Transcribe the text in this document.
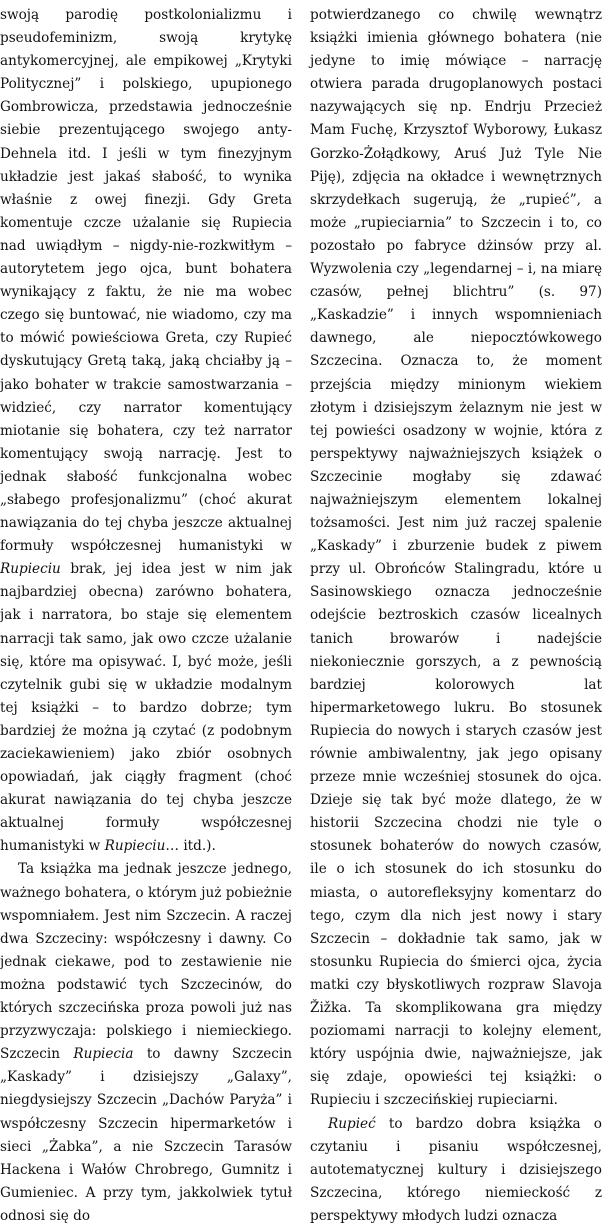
swoją parodię postkolonializmu i pseudofeminizm, swoją krytykę antykomercyjnej, ale empikowej „Krytyki Politycznej” i polskiego, upupionego Gombrowicza, przedstawia jednocześnie siebie prezentującego swojego anty-Dehnela itd. I jeśli w tym finezyjnym układzie jest jakaś słabość, to wynika właśnie z owej finezji. Gdy Greta komentuje czcze użalanie się Rupiecia nad uwiądłym – nigdy-nie-rozkwitłym – autorytetem jego ojca, bunt bohatera wynikający z faktu, że nie ma wobec czego się buntować, nie wiadomo, czy ma to mówić powieściowa Greta, czy Rupieć dyskutujący Gretą taką, jaką chciałby ją – jako bohater w trakcie samostwarzania – widzieć, czy narrator komentujący miotanie się bohatera, czy też narrator komentujący swoją narrację. Jest to jednak słabość funkcjonalna wobec „słabego profesjonalizmu” (choć akurat nawiązania do tej chyba jeszcze aktualnej formuły współczesnej humanistyki w Rupieciu brak, jej idea jest w nim jak najbardziej obecna) zarówno bohatera, jak i narratora, bo staje się elementem narracji tak samo, jak owo czcze użalanie się, które ma opisywać. I, być może, jeśli czytelnik gubi się w układzie modalnym tej książki – to bardzo dobrze; tym bardziej że można ją czytać (z podobnym zaciekawieniem) jako zbiór osobnych opowiadań, jak ciągły fragment (choć akurat nawiązania do tej chyba jeszcze aktualnej formuły współczesnej humanistyki w Rupieciu… itd.).

Ta książka ma jednak jeszcze jednego, ważnego bohatera, o którym już pobieżnie wspomniałem. Jest nim Szczecin. A raczej dwa Szczeciny: współczesny i dawny. Co jednak ciekawe, pod to zestawienie nie można podstawić tych Szczecinów, do których szczecińska proza powoli już nas przyzwyczaja: polskiego i niemieckiego. Szczecin Rupiecia to dawny Szczecin „Kaskady” i dzisiejszy „Galaxy”, niegdysiejszy Szczecin „Dachów Paryża” i współczesny Szczecin hipermarketów i sieci „Żabka”, a nie Szczecin Tarasów Hackena i Wałów Chrobrego, Gumnitz i Gumieniec. A przy tym, jakkolwiek tytuł odnosi się do

potwierdzanego co chwilę wewnątrz książki imienia głównego bohatera (nie jedyne to imię mówiące – narrację otwiera parada drugoplanowych postaci nazywających się np. Endrju Przecież Mam Fuchę, Krzysztof Wyborowy, Łukasz Gorzko-Żołądkowy, Aruś Już Tyle Nie Piję), zdjęcia na okładce i wewnętrznych skrzydełkach sugerują, że „rupieć”, a może „rupieciarnia” to Szczecin i to, co pozostało po fabryce dżinsów przy al. Wyzwolenia czy „legendarnej – i, na miarę czasów, pełnej blichtru” (s. 97) „Kaskadzie” i innych wspomnieniach dawnego, ale niepocztówkowego Szczecina. Oznacza to, że moment przejścia między minionym wiekiem złotym i dzisiejszym żelaznym nie jest w tej powieści osadzony w wojnie, która z perspektywy najważniejszych książek o Szczecinie mogłaby się zdawać najważniejszym elementem lokalnej tożsamości. Jest nim już raczej spalenie „Kaskady” i zburzenie budek z piwem przy ul. Obrońców Stalingradu, które u Sasinowskiego oznacza jednocześnie odejście beztroskich czasów licealnych tanich browarów i nadejście niekoniecznie gorszych, a z pewnością bardziej kolorowych lat hipermarketowego lukru. Bo stosunek Rupiecia do nowych i starych czasów jest równie ambiwalentny, jak jego opisany przeze mnie wcześniej stosunek do ojca. Dzieje się tak być może dlatego, że w historii Szczecina chodzi nie tyle o stosunek bohaterów do nowych czasów, ile o ich stosunek do ich stosunku do miasta, o autorefleksyjny komentarz do tego, czym dla nich jest nowy i stary Szczecin – dokładnie tak samo, jak w stosunku Rupiecia do śmierci ojca, życia matki czy błyskotliwych rozpraw Slavoja Žižka. Ta skomplikowana gra między poziomami narracji to kolejny element, który uspójnia dwie, najważniejsze, jak się zdaje, opowieści tej książki: o Rupieciu i szczecińskiej rupieciarni.

Rupieć to bardzo dobra książka o czytaniu i pisaniu współczesnej, autotematycznej kultury i dzisiejszego Szczecina, którego niemieckość z perspektywy młodych ludzi oznacza
